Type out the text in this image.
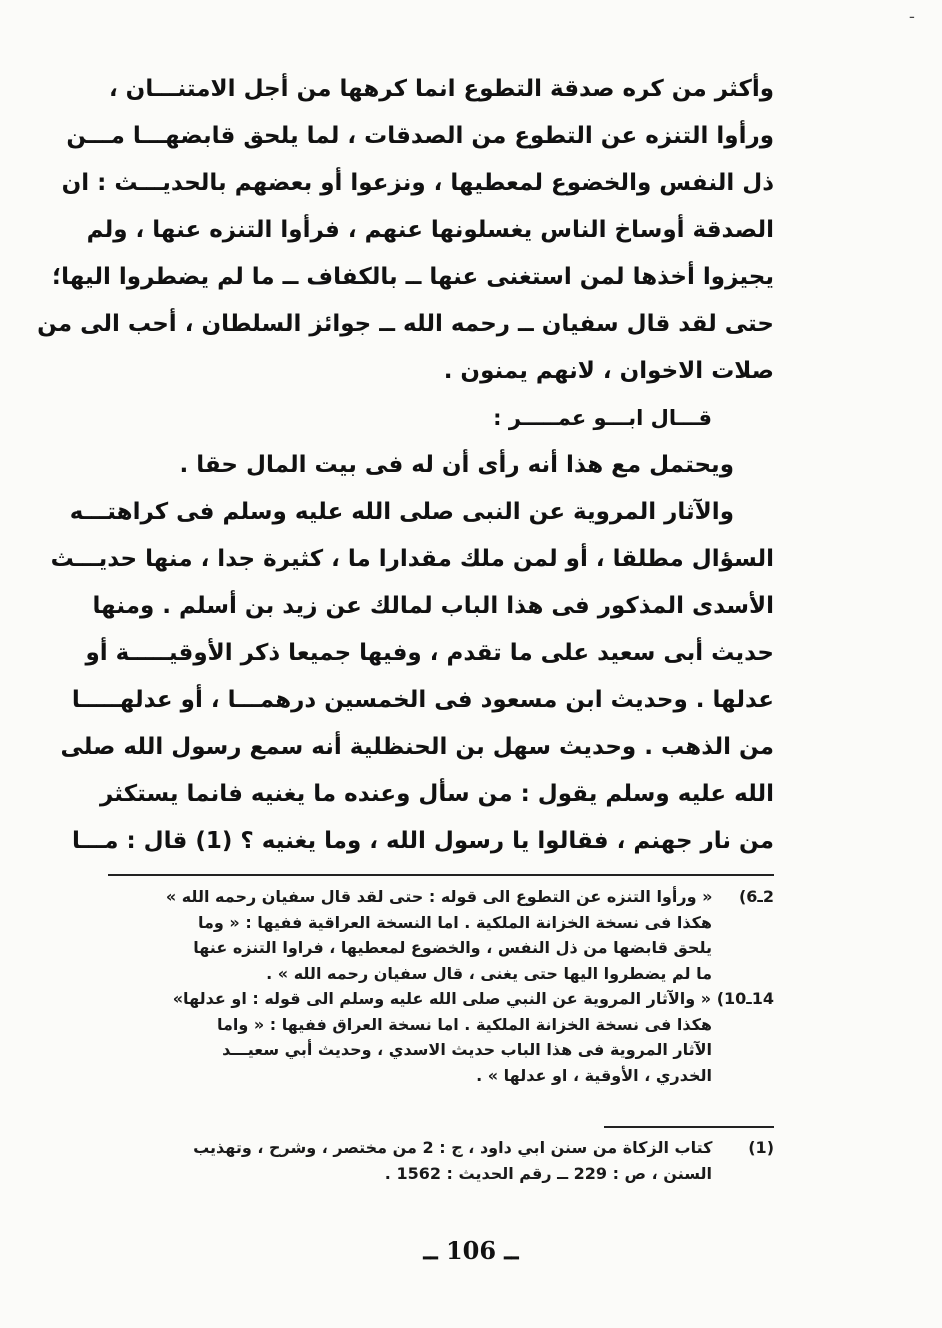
ـ
وأكثر من كره صدقة التطوع انما كرهها من أجل الامتنـــان ،
ورأوا التنزه عن التطوع من الصدقات ، لما يلحق قابضهـــا مـــن
ذل النفس والخضوع لمعطيها ، ونزعوا أو بعضهم بالحديـــث : ان
الصدقة أوساخ الناس يغسلونها عنهم ، فرأوا التنزه عنها ، ولم
يجيزوا أخذها لمن استغنى عنها ــ بالكفاف ــ ما لم يضطروا اليها؛
حتى لقد قال سفيان ــ رحمه الله ــ جوائز السلطان ، أحب الى من
صلات الاخوان ، لانهم يمنون .
قـــال ابـــو عمـــــر :
ويحتمل مع هذا أنه رأى أن له فى بيت المال حقا .
والآثار المروية عن النبى صلى الله عليه وسلم فى كراهتـــه
السؤال مطلقا ، أو لمن ملك مقدارا ما ، كثيرة جدا ، منها حديـــث
الأسدى المذكور فى هذا الباب لمالك عن زيد بن أسلم . ومنها
حديث أبى سعيد على ما تقدم ، وفيها جميعا ذكر الأوقيـــــة أو
عدلها . وحديث ابن مسعود فى الخمسين درهمـــا ، أو عدلهـــــا
من الذهب . وحديث سهل بن الحنظلية أنه سمع رسول الله صلى
الله عليه وسلم يقول : من سأل وعنده ما يغنيه فانما يستكثر
من نار جهنم ، فقالوا يا رسول الله ، وما يغنيه ؟ (1) قال : مـــا
2ـ6) « ورأوا التنزه عن التطوع الى قوله : حتى لقد قال سفيان رحمه الله »
هكذا فى نسخة الخزانة الملكية . اما النسخة العراقية ففيها : « وما
يلحق قابضها من ذل النفس ، والخضوع لمعطيها ، فراوا التنزه عنها
ما لم يضطروا اليها حتى يغنى ، قال سفيان رحمه الله » .
14ـ10) « والآثار المروية عن النبي صلى الله عليه وسلم الى قوله : او عدلها»
هكذا فى نسخة الخزانة الملكية . اما نسخة العراق ففيها : « واما
الآثار المروية فى هذا الباب حديث الاسدي ، وحديث أبي سعيـــد
الخدري ، الأوقية ، او عدلها » .
(1) كتاب الزكاة من سنن ابي داود ، ج : 2 من مختصر ، وشرح ، وتهذيب
السنن ، ص : 229 ــ رقم الحديث : 1562 .
ــ 106 ــ
